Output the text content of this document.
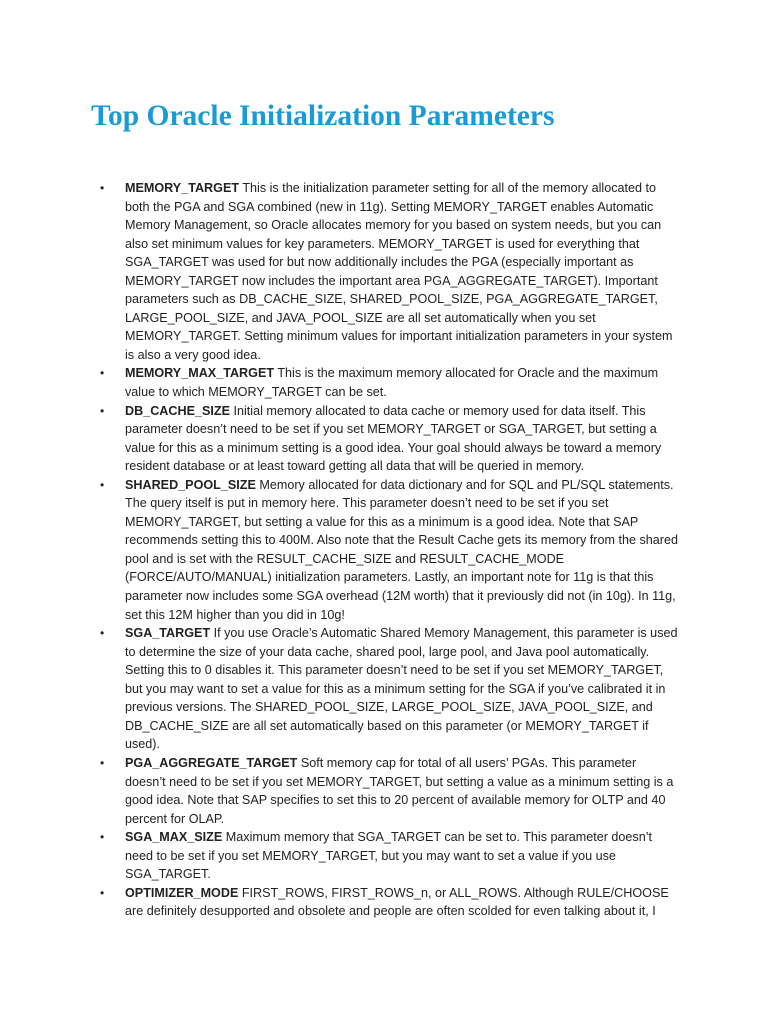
Top Oracle Initialization Parameters
• MEMORY_TARGET This is the initialization parameter setting for all of the memory allocated to both the PGA and SGA combined (new in 11g). Setting MEMORY_TARGET enables Automatic Memory Management, so Oracle allocates memory for you based on system needs, but you can also set minimum values for key parameters. MEMORY_TARGET is used for everything that SGA_TARGET was used for but now additionally includes the PGA (especially important as MEMORY_TARGET now includes the important area PGA_AGGREGATE_TARGET). Important parameters such as DB_CACHE_SIZE, SHARED_POOL_SIZE, PGA_AGGREGATE_TARGET, LARGE_POOL_SIZE, and JAVA_POOL_SIZE are all set automatically when you set MEMORY_TARGET. Setting minimum values for important initialization parameters in your system is also a very good idea.
• MEMORY_MAX_TARGET This is the maximum memory allocated for Oracle and the maximum value to which MEMORY_TARGET can be set.
• DB_CACHE_SIZE Initial memory allocated to data cache or memory used for data itself. This parameter doesn’t need to be set if you set MEMORY_TARGET or SGA_TARGET, but setting a value for this as a minimum setting is a good idea. Your goal should always be toward a memory resident database or at least toward getting all data that will be queried in memory.
• SHARED_POOL_SIZE Memory allocated for data dictionary and for SQL and PL/SQL statements. The query itself is put in memory here. This parameter doesn’t need to be set if you set MEMORY_TARGET, but setting a value for this as a minimum is a good idea. Note that SAP recommends setting this to 400M. Also note that the Result Cache gets its memory from the shared pool and is set with the RESULT_CACHE_SIZE and RESULT_CACHE_MODE (FORCE/AUTO/MANUAL) initialization parameters. Lastly, an important note for 11g is that this parameter now includes some SGA overhead (12M worth) that it previously did not (in 10g). In 11g, set this 12M higher than you did in 10g!
• SGA_TARGET If you use Oracle’s Automatic Shared Memory Management, this parameter is used to determine the size of your data cache, shared pool, large pool, and Java pool automatically. Setting this to 0 disables it. This parameter doesn’t need to be set if you set MEMORY_TARGET, but you may want to set a value for this as a minimum setting for the SGA if you’ve calibrated it in previous versions. The SHARED_POOL_SIZE, LARGE_POOL_SIZE, JAVA_POOL_SIZE, and DB_CACHE_SIZE are all set automatically based on this parameter (or MEMORY_TARGET if used).
• PGA_AGGREGATE_TARGET Soft memory cap for total of all users’ PGAs. This parameter doesn’t need to be set if you set MEMORY_TARGET, but setting a value as a minimum setting is a good idea. Note that SAP specifies to set this to 20 percent of available memory for OLTP and 40 percent for OLAP.
• SGA_MAX_SIZE Maximum memory that SGA_TARGET can be set to. This parameter doesn’t need to be set if you set MEMORY_TARGET, but you may want to set a value if you use SGA_TARGET.
• OPTIMIZER_MODE FIRST_ROWS, FIRST_ROWS_n, or ALL_ROWS. Although RULE/CHOOSE are definitely desupported and obsolete and people are often scolded for even talking about it, I
